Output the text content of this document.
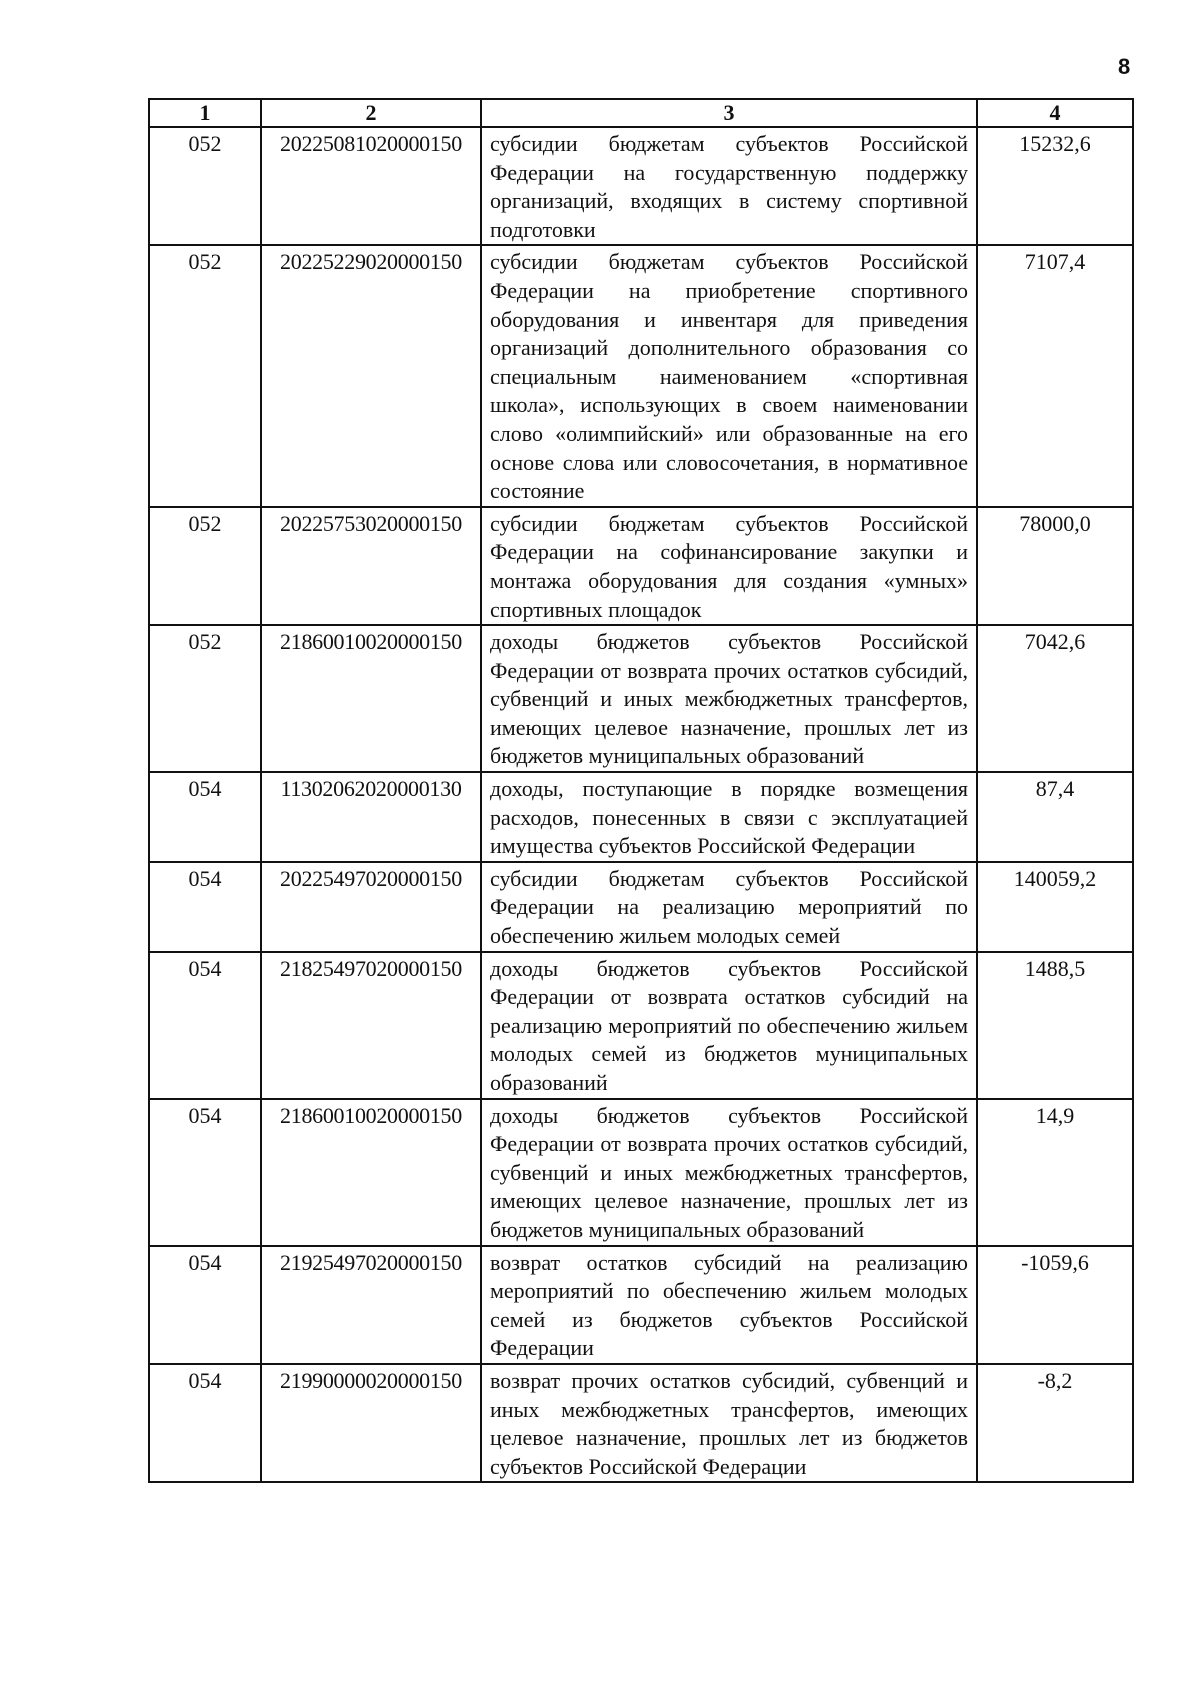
8
1	2	3	4
052	20225081020000150	субсидии бюджетам субъектов Российской Федерации на государственную поддержку организаций, входящих в систему спортивной подготовки	15232,6
052	20225229020000150	субсидии бюджетам субъектов Российской Федерации на приобретение спортивного оборудования и инвентаря для приведения организаций дополнительного образования со специальным наименованием «спортивная школа», использующих в своем наименовании слово «олимпийский» или образованные на его основе слова или словосочетания, в нормативное состояние	7107,4
052	20225753020000150	субсидии бюджетам субъектов Российской Федерации на софинансирование закупки и монтажа оборудования для создания «умных» спортивных площадок	78000,0
052	21860010020000150	доходы бюджетов субъектов Российской Федерации от возврата прочих остатков субсидий, субвенций и иных межбюджетных трансфертов, имеющих целевое назначение, прошлых лет из бюджетов муниципальных образований	7042,6
054	11302062020000130	доходы, поступающие в порядке возмещения расходов, понесенных в связи с эксплуатацией имущества субъектов Российской Федерации	87,4
054	20225497020000150	субсидии бюджетам субъектов Российской Федерации на реализацию мероприятий по обеспечению жильем молодых семей	140059,2
054	21825497020000150	доходы бюджетов субъектов Российской Федерации от возврата остатков субсидий на реализацию мероприятий по обеспечению жильем молодых семей из бюджетов муниципальных образований	1488,5
054	21860010020000150	доходы бюджетов субъектов Российской Федерации от возврата прочих остатков субсидий, субвенций и иных межбюджетных трансфертов, имеющих целевое назначение, прошлых лет из бюджетов муниципальных образований	14,9
054	21925497020000150	возврат остатков субсидий на реализацию мероприятий по обеспечению жильем молодых семей из бюджетов субъектов Российской Федерации	-1059,6
054	21990000020000150	возврат прочих остатков субсидий, субвенций и иных межбюджетных трансфертов, имеющих целевое назначение, прошлых лет из бюджетов субъектов Российской Федерации	-8,2
